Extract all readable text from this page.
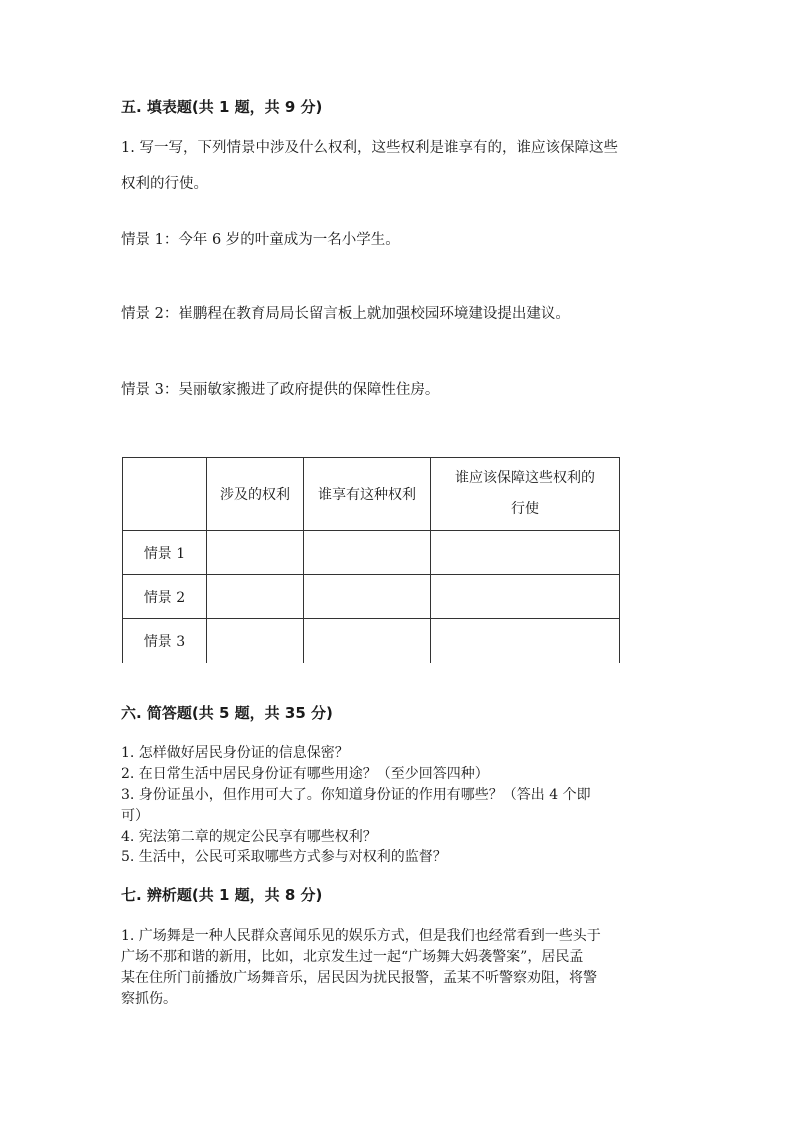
五. 填表题(共 1 题，共 9 分)
1. 写一写，下列情景中涉及什么权利，这些权利是谁享有的，谁应该保障这些
权利的行使。
情景 1：今年 6 岁的叶童成为一名小学生。
情景 2：崔鹏程在教育局局长留言板上就加强校园环境建设提出建议。
情景 3：吴丽敏家搬进了政府提供的保障性住房。
	涉及的权利	谁享有这种权利	谁应该保障这些权利的
行使

情景 1			
情景 2			
情景 3			
六. 简答题(共 5 题，共 35 分)
1. 怎样做好居民身份证的信息保密？
2. 在日常生活中居民身份证有哪些用途？（至少回答四种）
3. 身份证虽小，但作用可大了。你知道身份证的作用有哪些？（答出 4 个即
可）
4. 宪法第二章的规定公民享有哪些权利？
5. 生活中，公民可采取哪些方式参与对权利的监督？
七. 辨析题(共 1 题，共 8 分)
1. 广场舞是一种人民群众喜闻乐见的娱乐方式，但是我们也经常看到一些头于
广场不那和谐的新用，比如，北京发生过一起“广场舞大妈袭警案”，居民孟
某在住所门前播放广场舞音乐，居民因为扰民报警，孟某不听警察劝阻，将警
察抓伤。
